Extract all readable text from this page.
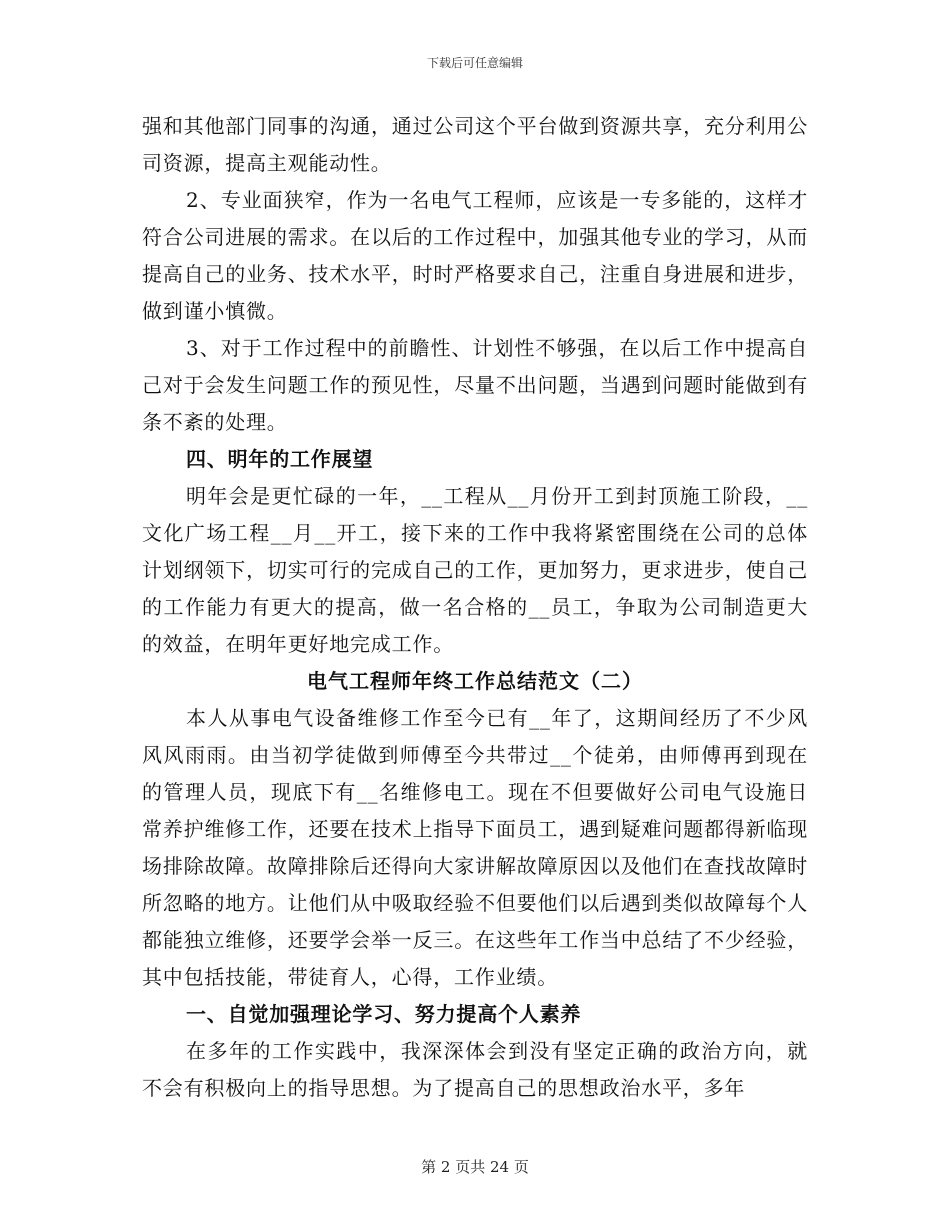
下载后可任意编辑

强和其他部门同事的沟通，通过公司这个平台做到资源共享，充分利用公司资源，提高主观能动性。

2、专业面狭窄，作为一名电气工程师，应该是一专多能的，这样才符合公司进展的需求。在以后的工作过程中，加强其他专业的学习，从而提高自己的业务、技术水平，时时严格要求自己，注重自身进展和进步，做到谨小慎微。

3、对于工作过程中的前瞻性、计划性不够强，在以后工作中提高自己对于会发生问题工作的预见性，尽量不出问题，当遇到问题时能做到有条不紊的处理。

四、明年的工作展望

明年会是更忙碌的一年，__工程从__月份开工到封顶施工阶段，__文化广场工程__月__开工，接下来的工作中我将紧密围绕在公司的总体计划纲领下，切实可行的完成自己的工作，更加努力，更求进步，使自己的工作能力有更大的提高，做一名合格的__员工，争取为公司制造更大的效益，在明年更好地完成工作。

电气工程师年终工作总结范文（二）

本人从事电气设备维修工作至今已有__年了，这期间经历了不少风风风雨雨。由当初学徒做到师傅至今共带过__个徒弟，由师傅再到现在的管理人员，现底下有__名维修电工。现在不但要做好公司电气设施日常养护维修工作，还要在技术上指导下面员工，遇到疑难问题都得新临现场排除故障。故障排除后还得向大家讲解故障原因以及他们在查找故障时所忽略的地方。让他们从中吸取经验不但要他们以后遇到类似故障每个人都能独立维修，还要学会举一反三。在这些年工作当中总结了不少经验，其中包括技能，带徒育人，心得，工作业绩。

一、自觉加强理论学习、努力提高个人素养

在多年的工作实践中，我深深体会到没有坚定正确的政治方向，就不会有积极向上的指导思想。为了提高自己的思想政治水平，多年

第 2 页共 24 页
